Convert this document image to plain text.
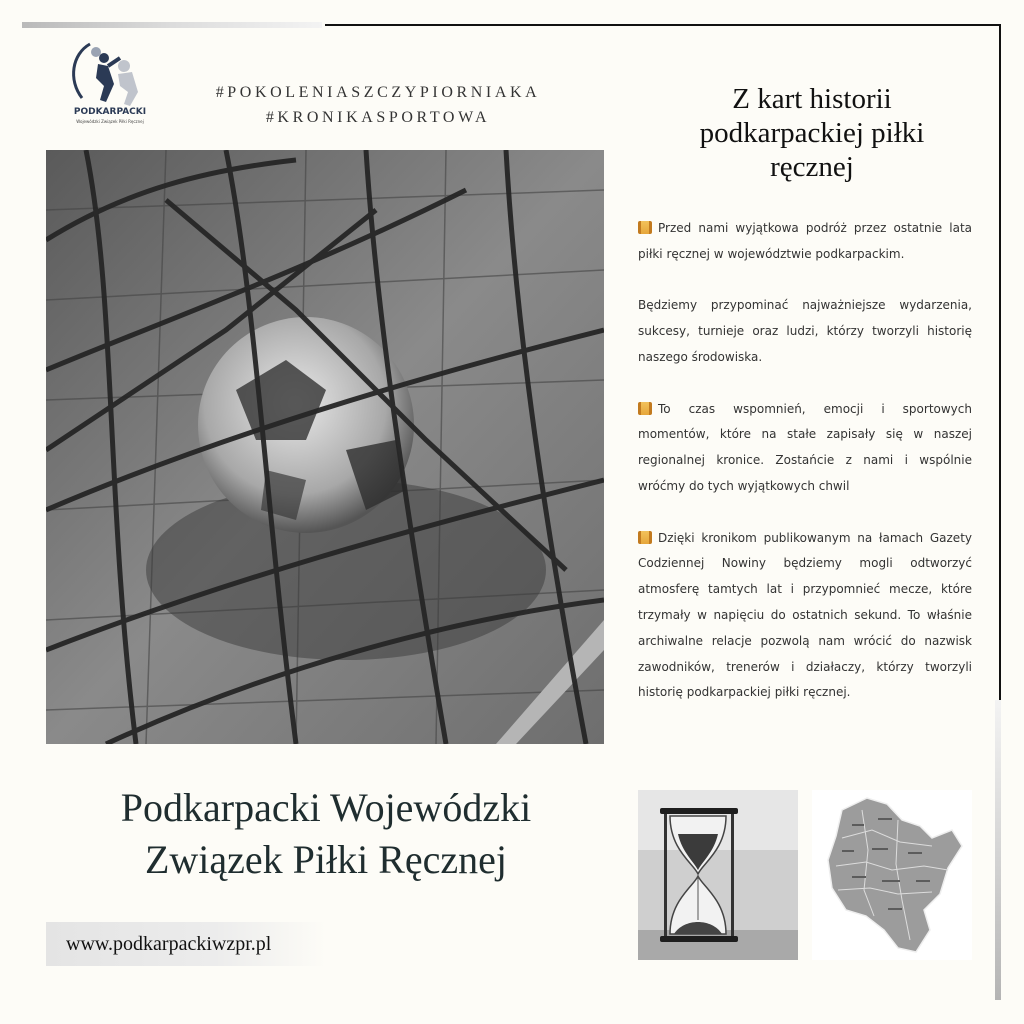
PODKARPACKI
Wojewódzki Związek Piłki Ręcznej
#POKOLENIASZCZYPIORNIAKA
#KRONIKASPORTOWA
Z kart historii
podkarpackiej piłki
ręcznej

Przed nami wyjątkowa podróż przez ostatnie lata piłki ręcznej w województwie podkarpackim.

Będziemy przypominać najważniejsze wydarzenia, sukcesy, turnieje oraz ludzi, którzy tworzyli historię naszego środowiska.

To czas wspomnień, emocji i sportowych momentów, które na stałe zapisały się w naszej regionalnej kronice. Zostańcie z nami i wspólnie wróćmy do tych wyjątkowych chwil

Dzięki kronikom publikowanym na łamach Gazety Codziennej Nowiny będziemy mogli odtworzyć atmosferę tamtych lat i przypomnieć mecze, które trzymały w napięciu do ostatnich sekund. To właśnie archiwalne relacje pozwolą nam wrócić do nazwisk zawodników, trenerów i działaczy, którzy tworzyli historię podkarpackiej piłki ręcznej.

Podkarpacki Wojewódzki
Związek Piłki Ręcznej
www.podkarpackiwzpr.pl
